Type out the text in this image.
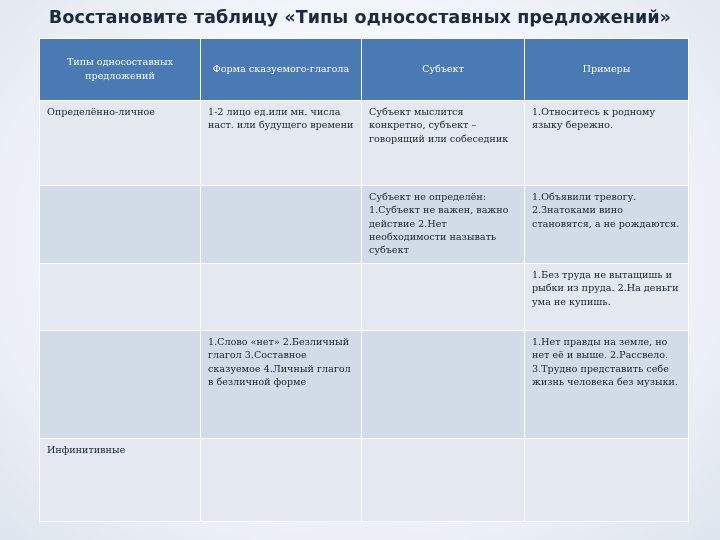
Восстановите таблицу «Типы односоставных предложений»
Типы односоставных предложений	Форма сказуемого-глагола	Субъект	Примеры

Определённо-личное	1-2 лицо ед.или мн. числа наст. или будущего времени	Субъект мыслится конкретно, субъект – говорящий или собеседник	1.Относитесь к родному языку бережно.

		Субъект не определён: 1.Субъект не важен, важно действие 2.Нет необходимости называть субъект	1.Объявили тревогу. 2.Знатоками вино становятся, а не рождаются.

			1.Без труда не вытащишь и рыбки из пруда. 2.На деньги ума не купишь.

	1.Слово «нет» 2.Безличный глагол 3.Составное сказуемое 4.Личный глагол в безличной форме		1.Нет правды на земле, но нет её и выше. 2.Рассвело. 3.Трудно представить себе жизнь человека без музыки.

Инфинитивные			
